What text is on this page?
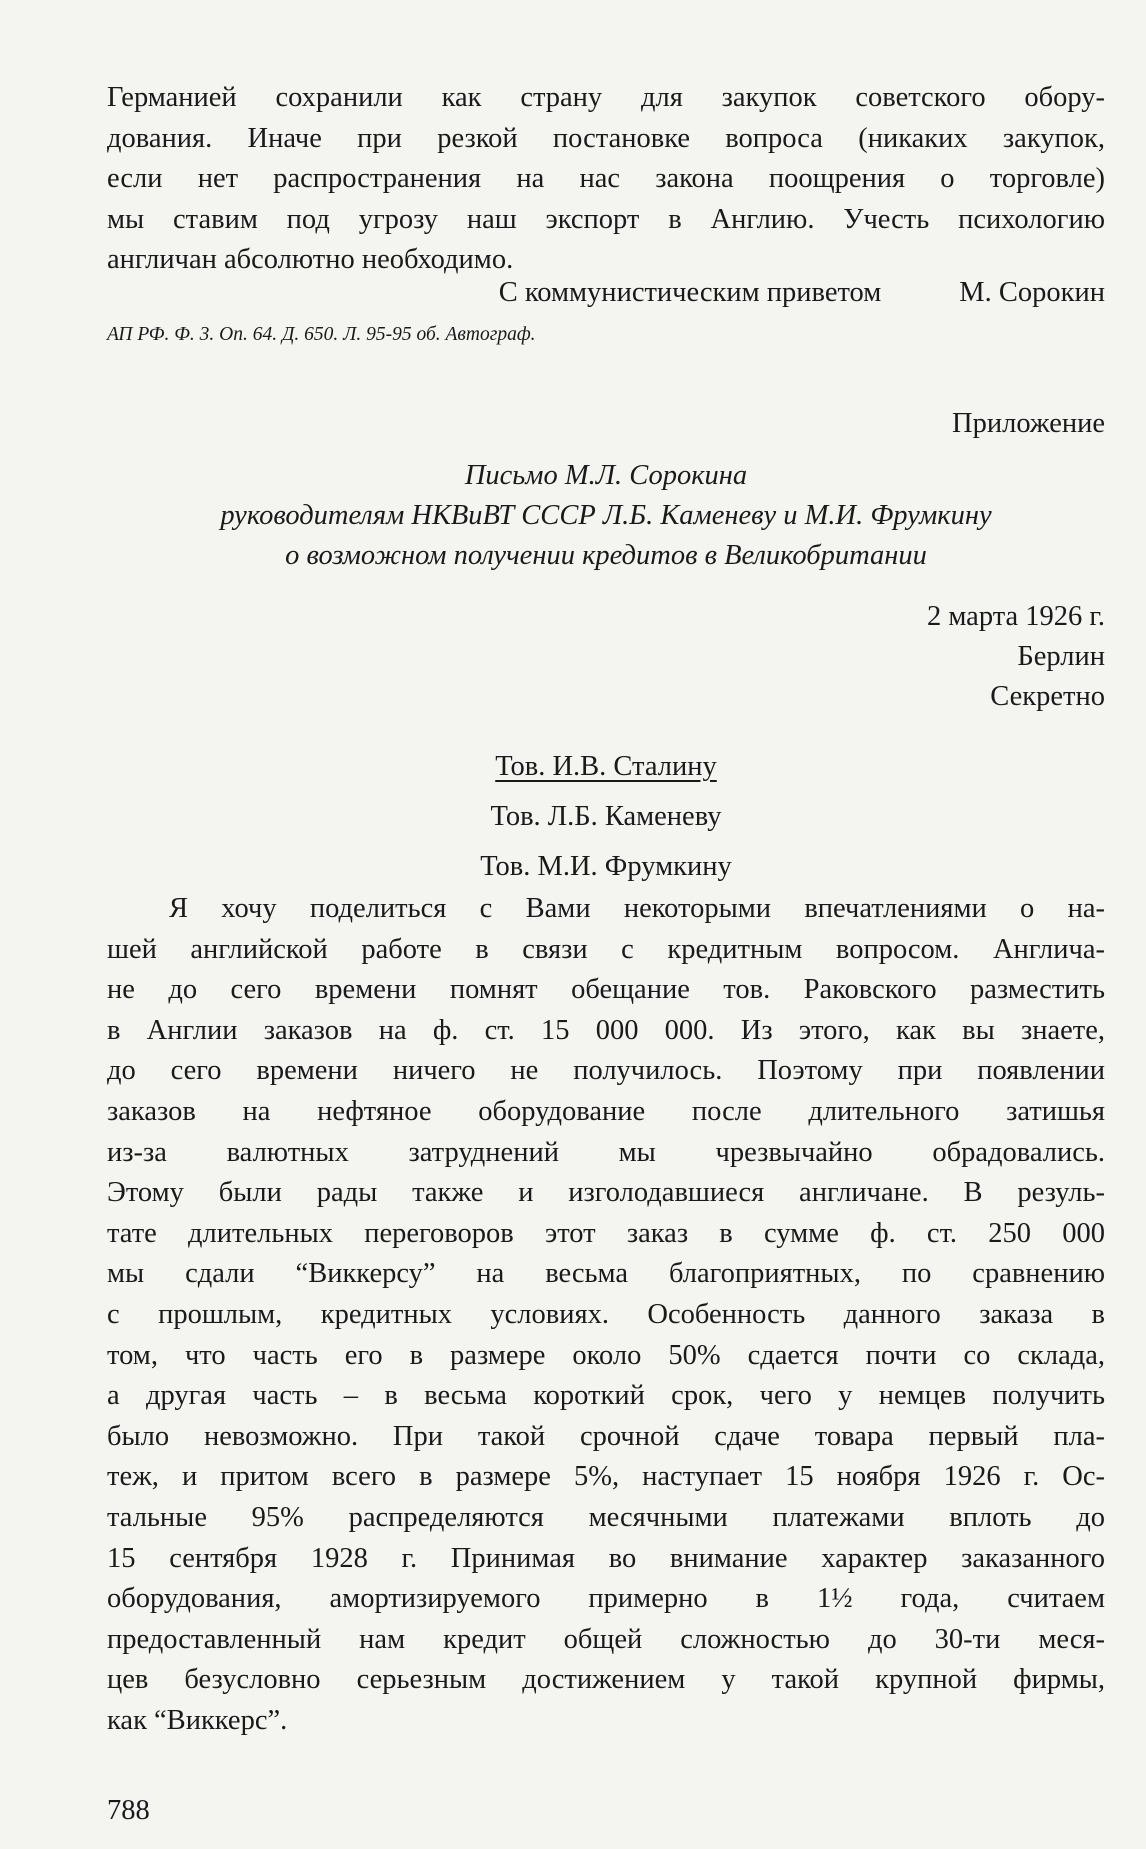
Германией сохранили как страну для закупок советского обору-
дования. Иначе при резкой постановке вопроса (никаких закупок,
если нет распространения на нас закона поощрения о торговле)
мы ставим под угрозу наш экспорт в Англию. Учесть психологию
англичан абсолютно необходимо.
С коммунистическим приветом	М. Сорокин
АП РФ. Ф. 3. Оп. 64. Д. 650. Л. 95-95 об. Автограф.
Приложение
Письмо М.Л. Сорокина
руководителям НКВиВТ СССР Л.Б. Каменеву и М.И. Фрумкину
о возможном получении кредитов в Великобритании
2 марта 1926 г.
Берлин
Секретно
Тов. И.В. Сталину
Тов. Л.Б. Каменеву
Тов. М.И. Фрумкину
Я хочу поделиться с Вами некоторыми впечатлениями о на-
шей английской работе в связи с кредитным вопросом. Англича-
не до сего времени помнят обещание тов. Раковского разместить
в Англии заказов на ф. ст. 15 000 000. Из этого, как вы знаете,
до сего времени ничего не получилось. Поэтому при появлении
заказов на нефтяное оборудование после длительного затишья
из-за валютных затруднений мы чрезвычайно обрадовались.
Этому были рады также и изголодавшиеся англичане. В резуль-
тате длительных переговоров этот заказ в сумме ф. ст. 250 000
мы сдали “Виккерсу” на весьма благоприятных, по сравнению
с прошлым, кредитных условиях. Особенность данного заказа в
том, что часть его в размере около 50% сдается почти со склада,
а другая часть – в весьма короткий срок, чего у немцев получить
было невозможно. При такой срочной сдаче товара первый пла-
теж, и притом всего в размере 5%, наступает 15 ноября 1926 г. Ос-
тальные 95% распределяются месячными платежами вплоть до
15 сентября 1928 г. Принимая во внимание характер заказанного
оборудования, амортизируемого примерно в 1½ года, считаем
предоставленный нам кредит общей сложностью до 30-ти меся-
цев безусловно серьезным достижением у такой крупной фирмы,
как “Виккерс”.
788
